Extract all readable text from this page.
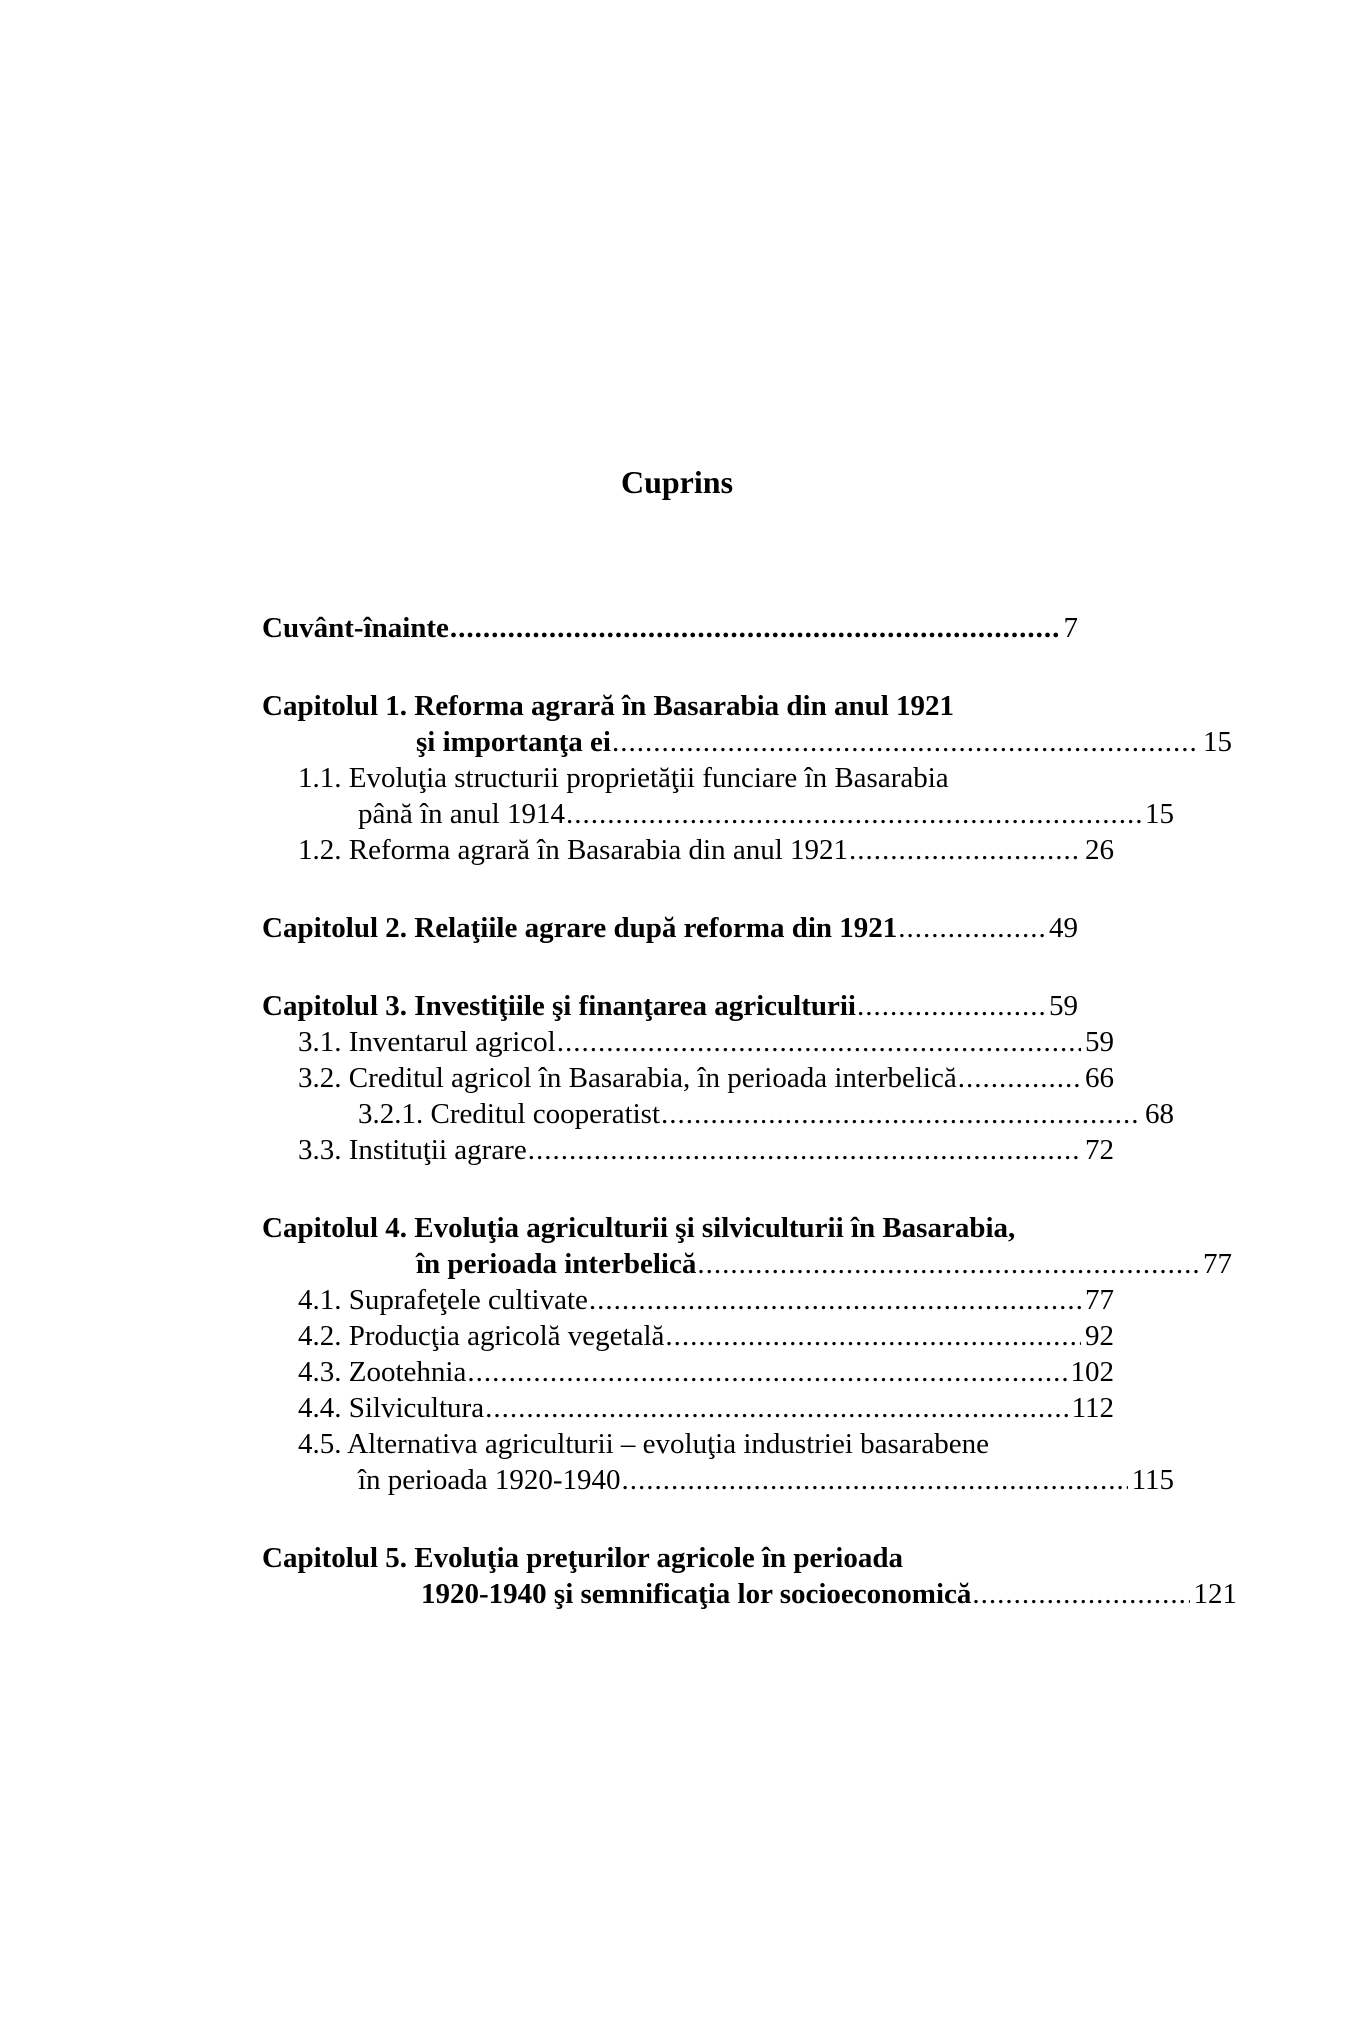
Cuprins
Cuvânt-înainte .....	7
Capitolul 1. Reforma agrară în Basarabia din anul 1921
şi importanţa ei .....	15
1.1. Evoluţia structurii proprietăţii funciare în Basarabia
până în anul 1914 .....	15
1.2. Reforma agrară în Basarabia din anul 1921 .....	26
Capitolul 2. Relaţiile agrare după reforma din 1921 .....	49
Capitolul 3. Investiţiile şi finanţarea agriculturii .....	59
3.1. Inventarul agricol .....	59
3.2. Creditul agricol în Basarabia, în perioada interbelică .....	66
3.2.1. Creditul cooperatist .....	68
3.3. Instituţii agrare .....	72
Capitolul 4. Evoluţia agriculturii şi silviculturii în Basarabia,
în perioada interbelică .....	77
4.1. Suprafeţele cultivate .....	77
4.2. Producţia agricolă vegetală .....	92
4.3. Zootehnia .....	102
4.4. Silvicultura .....	112
4.5. Alternativa agriculturii – evoluţia industriei basarabene
în perioada 1920-1940 .....	115
Capitolul 5. Evoluţia preţurilor agricole în perioada
1920-1940 şi semnificaţia lor socioeconomică .....	121
